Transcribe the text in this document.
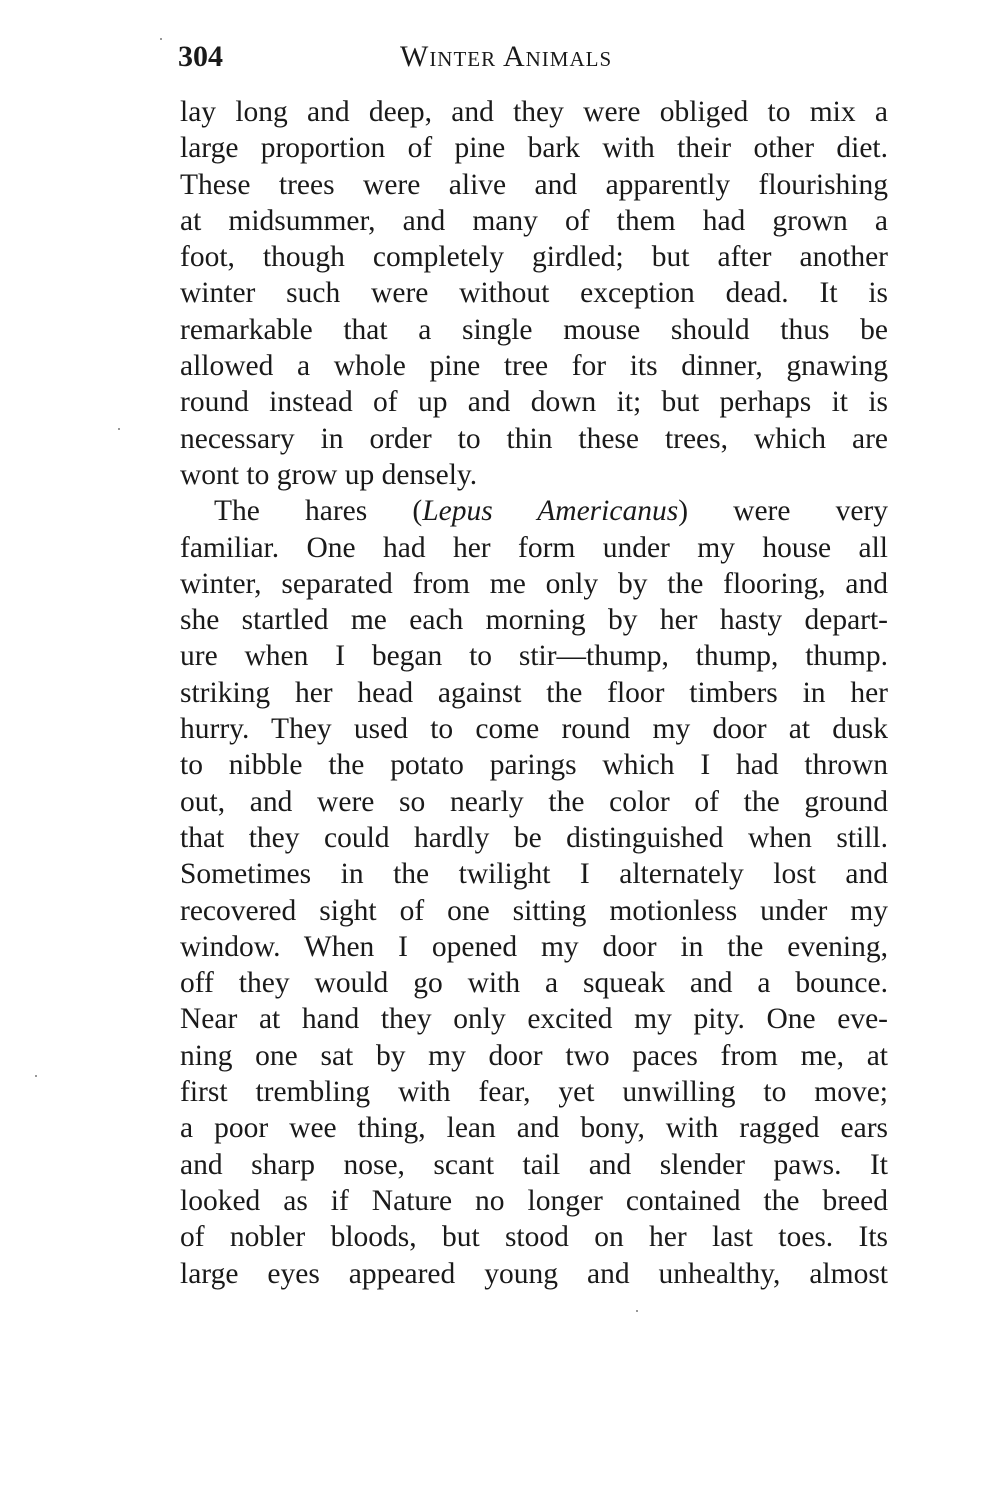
304	Winter Animals
lay long and deep, and they were obliged to mix a
large proportion of pine bark with their other diet.
These trees were alive and apparently flourishing
at midsummer, and many of them had grown a
foot, though completely girdled; but after another
winter such were without exception dead. It is
remarkable that a single mouse should thus be
allowed a whole pine tree for its dinner, gnawing
round instead of up and down it; but perhaps it is
necessary in order to thin these trees, which are
wont to grow up densely.
The hares (Lepus Americanus) were very
familiar. One had her form under my house all
winter, separated from me only by the flooring, and
she startled me each morning by her hasty depart-
ure when I began to stir—thump, thump, thump.
striking her head against the floor timbers in her
hurry. They used to come round my door at dusk
to nibble the potato parings which I had thrown
out, and were so nearly the color of the ground
that they could hardly be distinguished when still.
Sometimes in the twilight I alternately lost and
recovered sight of one sitting motionless under my
window. When I opened my door in the evening,
off they would go with a squeak and a bounce.
Near at hand they only excited my pity. One eve-
ning one sat by my door two paces from me, at
first trembling with fear, yet unwilling to move;
a poor wee thing, lean and bony, with ragged ears
and sharp nose, scant tail and slender paws. It
looked as if Nature no longer contained the breed
of nobler bloods, but stood on her last toes. Its
large eyes appeared young and unhealthy, almost
